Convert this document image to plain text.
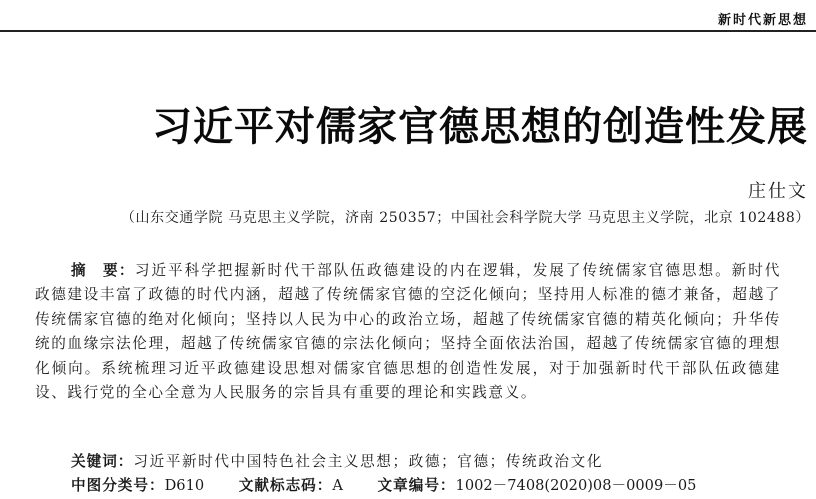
新时代新思想
习近平对儒家官德思想的创造性发展
庄仕文
（山东交通学院 马克思主义学院，济南 250357；中国社会科学院大学 马克思主义学院，北京 102488）

摘　要：习近平科学把握新时代干部队伍政德建设的内在逻辑，发展了传统儒家官德思想。新时代政德建设丰富了政德的时代内涵，超越了传统儒家官德的空泛化倾向；坚持用人标准的德才兼备，超越了传统儒家官德的绝对化倾向；坚持以人民为中心的政治立场，超越了传统儒家官德的精英化倾向；升华传统的血缘宗法伦理，超越了传统儒家官德的宗法化倾向；坚持全面依法治国，超越了传统儒家官德的理想化倾向。系统梳理习近平政德建设思想对儒家官德思想的创造性发展，对于加强新时代干部队伍政德建设、践行党的全心全意为人民服务的宗旨具有重要的理论和实践意义。

关键词：习近平新时代中国特色社会主义思想；政德；官德；传统政治文化
中图分类号：D610 文献标志码：A 文章编号：1002－7408(2020)08－0009－05
